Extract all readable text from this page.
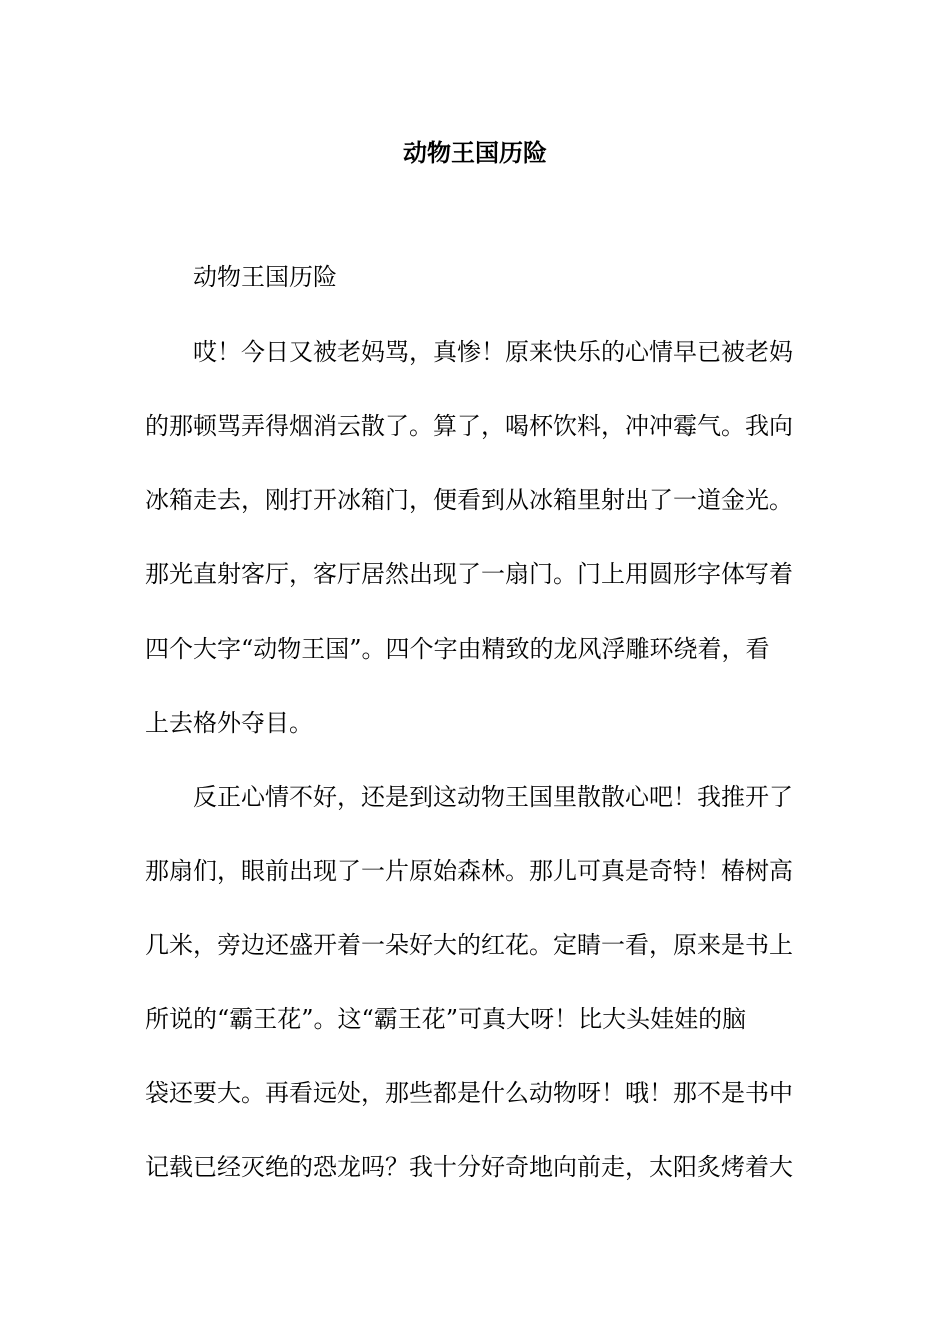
动物王国历险

动物王国历险

哎！今日又被老妈骂，真惨！原来快乐的心情早已被老妈

的那顿骂弄得烟消云散了。算了，喝杯饮料，冲冲霉气。我向

冰箱走去，刚打开冰箱门，便看到从冰箱里射出了一道金光。

那光直射客厅，客厅居然出现了一扇门。门上用圆形字体写着

四个大字“动物王国”。四个字由精致的龙风浮雕环绕着，看

上去格外夺目。

反正心情不好，还是到这动物王国里散散心吧！我推开了

那扇们，眼前出现了一片原始森林。那儿可真是奇特！椿树高

几米，旁边还盛开着一朵好大的红花。定睛一看，原来是书上

所说的“霸王花”。这“霸王花”可真大呀！比大头娃娃的脑

袋还要大。再看远处，那些都是什么动物呀！哦！那不是书中

记载已经灭绝的恐龙吗？我十分好奇地向前走，太阳炙烤着大
